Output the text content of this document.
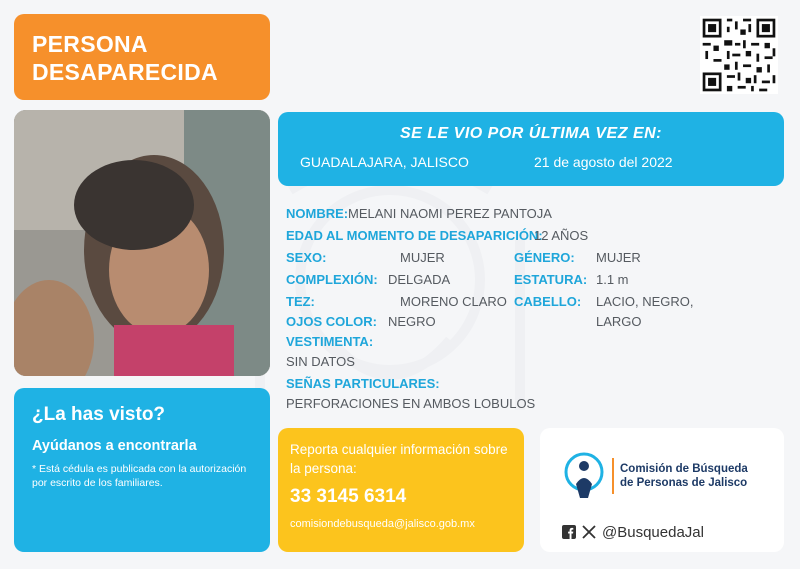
PERSONA
DESAPARECIDA
SE LE VIO POR ÚLTIMA VEZ EN:
GUADALAJARA, JALISCO	21 de agosto del 2022
NOMBRE: MELANI NAOMI PEREZ PANTOJA
EDAD AL MOMENTO DE DESAPARICIÓN:
12 AÑOS
SEXO:	MUJER	GÉNERO: MUJER
COMPLEXIÓN: DELGADA	ESTATURA: 1.1 m
TEZ:	MORENO CLARO CABELLO: LACIO, NEGRO,
LARGO
OJOS COLOR: NEGRO
VESTIMENTA:
SIN DATOS
SEÑAS PARTICULARES:
PERFORACIONES EN AMBOS LOBULOS
¿La has visto?
Ayúdanos a encontrarla
* Está cédula es publicada con la autorización por escrito de los familiares.
Reporta cualquier información sobre la persona:
33 3145 6314
comisiondebusqueda@jalisco.gob.mx
Comisión de Búsqueda
de Personas de Jalisco
@BusquedaJal
